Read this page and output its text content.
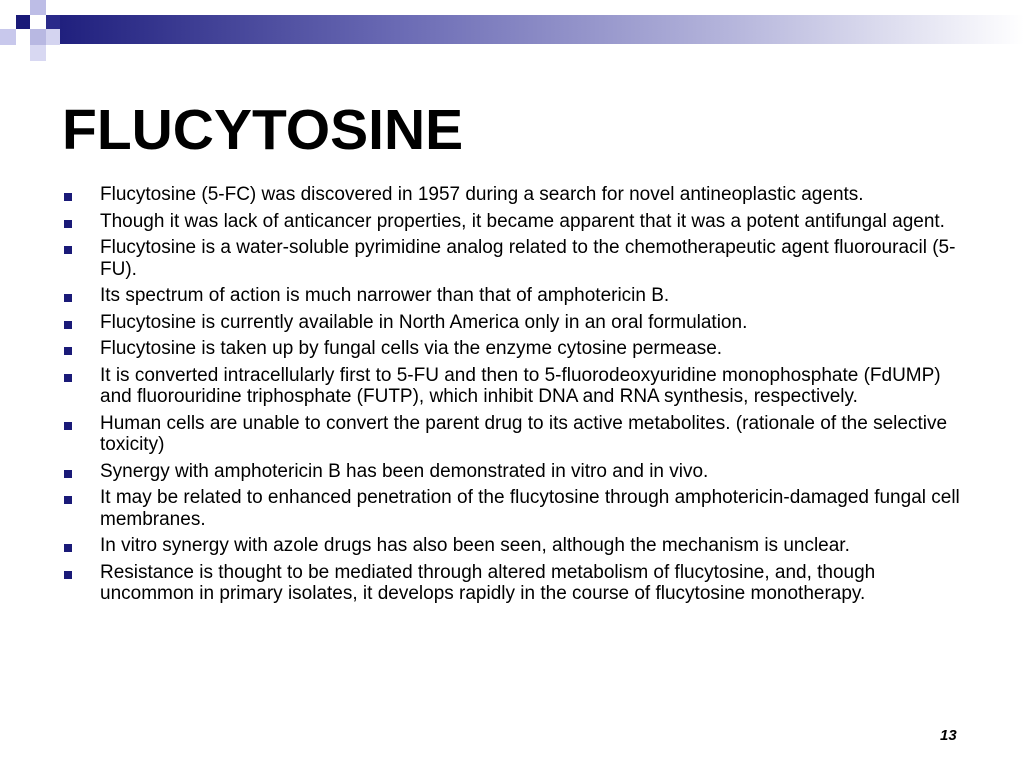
FLUCYTOSINE
Flucytosine (5-FC) was discovered in 1957 during a search for novel antineoplastic agents.
Though it was lack of anticancer properties, it became apparent that it was a potent antifungal agent.
Flucytosine is a water-soluble pyrimidine analog related to the chemotherapeutic agent fluorouracil (5-FU).
Its spectrum of action is much narrower than that of amphotericin B.
Flucytosine is currently available in North America only in an oral formulation.
Flucytosine is taken up by fungal cells via the enzyme cytosine permease.
It is converted intracellularly first to 5-FU and then to 5-fluorodeoxyuridine monophosphate (FdUMP) and fluorouridine triphosphate (FUTP), which inhibit DNA and RNA synthesis, respectively.
Human cells are unable to convert the parent drug to its active metabolites. (rationale of the selective toxicity)
Synergy with amphotericin B has been demonstrated in vitro and in vivo.
It may be related to enhanced penetration of the flucytosine through amphotericin-damaged fungal cell membranes.
In vitro synergy with azole drugs has also been seen, although the mechanism is unclear.
Resistance is thought to be mediated through altered metabolism of flucytosine, and, though uncommon in primary isolates, it develops rapidly in the course of flucytosine monotherapy.
13
